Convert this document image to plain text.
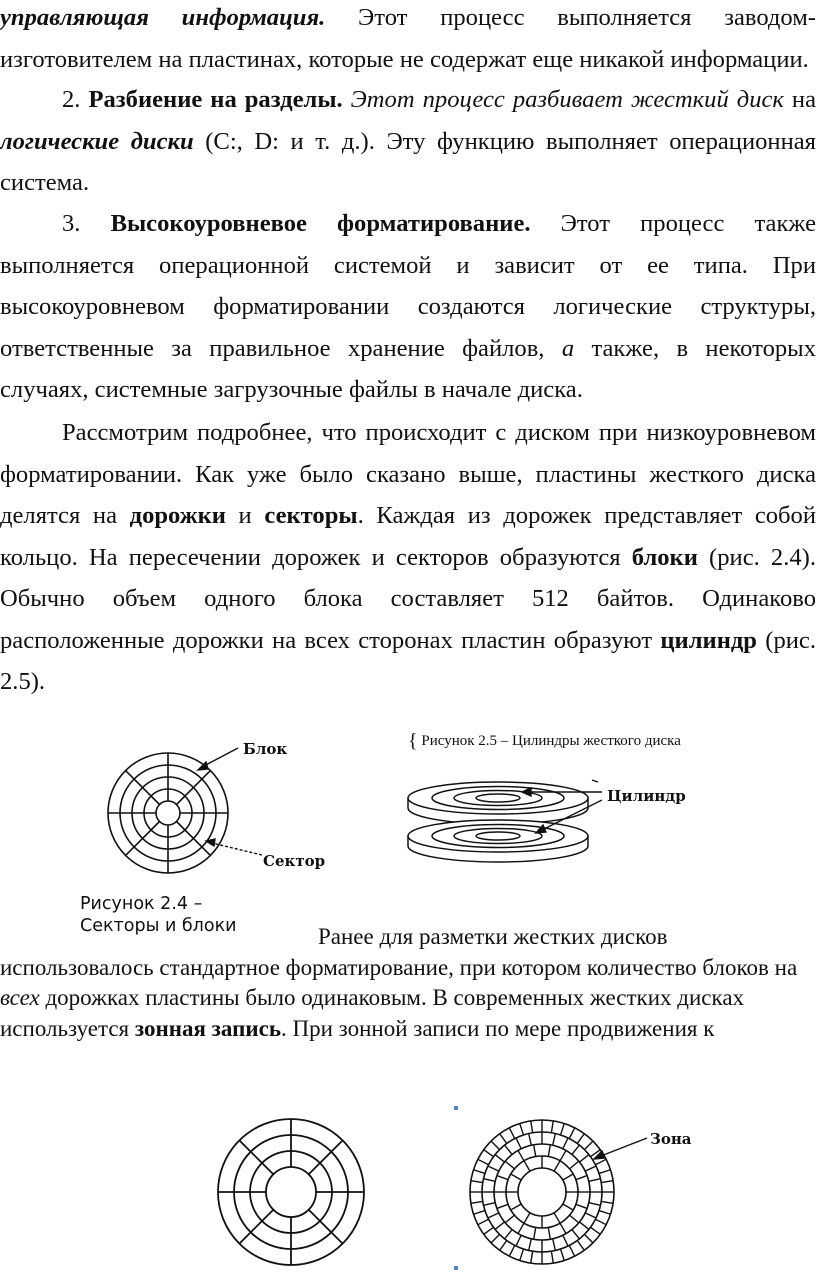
управляющая информация. Этот процесс выполняется заводом-изготовителем на пластинах, которые не содержат еще никакой информации.

2. Разбиение на разделы. Этот процесс разбивает жесткий диск на логические диски (С:, D: и т. д.). Эту функцию выполняет операционная система.

3. Высокоуровневое форматирование. Этот процесс также выполняется операционной системой и зависит от ее типа. При высокоуровневом форматировании создаются логические структуры, ответственные за правильное хранение файлов, а также, в некоторых случаях, системные загрузочные файлы в начале диска.

Рассмотрим подробнее, что происходит с диском при низкоуровневом форматировании. Как уже было сказано выше, пластины жесткого диска делятся на дорожки и секторы. Каждая из дорожек представляет собой кольцо. На пересечении дорожек и секторов образуются блоки (рис. 2.4). Обычно объем одного блока составляет 512 байтов. Одинаково расположенные дорожки на всех сторонах пластин образуют цилиндр (рис. 2.5).

Блок
Сектор
Рисунок 2.4 –
Секторы и блоки
{ Рисунок 2.5 – Цилиндры жесткого диска
Цилиндр

Ранее для разметки жестких дисков использовалось стандартное форматирование, при котором количество блоков на всех дорожках пластины было одинаковым. В современных жестких дисках используется зонная запись. При зонной записи по мере продвижения к

Зона
